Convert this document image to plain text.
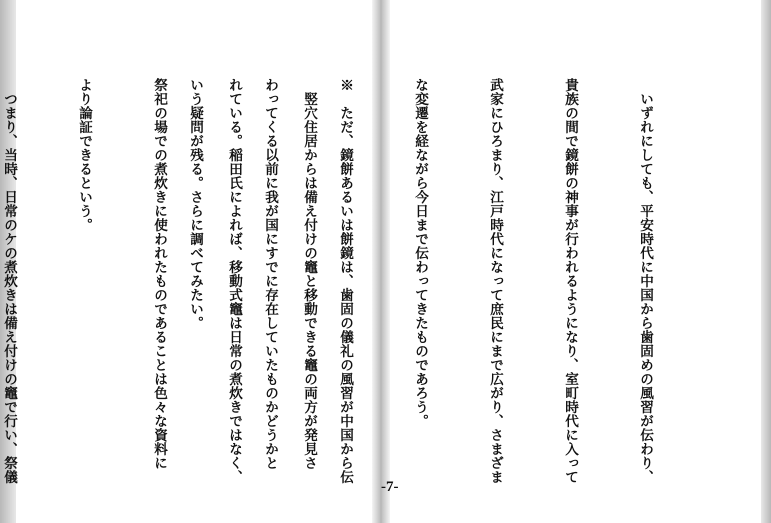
　いずれにしても、平安時代に中国から歯固めの風習が伝わり、

貴族の間で鏡餅の神事が行われるようになり、室町時代に入って

武家にひろまり、江戸時代になって庶民にまで広がり、さまざま

な変遷を経ながら今日まで伝わってきたものであろう。

※　ただ、鏡餅あるいは餅鏡は、歯固の儀礼の風習が中国から伝

わってくる以前に我が国にすでに存在していたものかどうかと

いう疑問が残る。さらに調べてみたい。

	　竪穴住居からは備え付けの竈と移動できる竈の両方が発見さ

れている。稲田氏によれば、移動式竈は日常の煮炊きではなく、

祭祀の場での煮炊きに使われたものであることは色々な資料に

より論証できるという。

　つまり、当時、日常のケの煮炊きは備え付けの竈で行い、祭儀

-7-
